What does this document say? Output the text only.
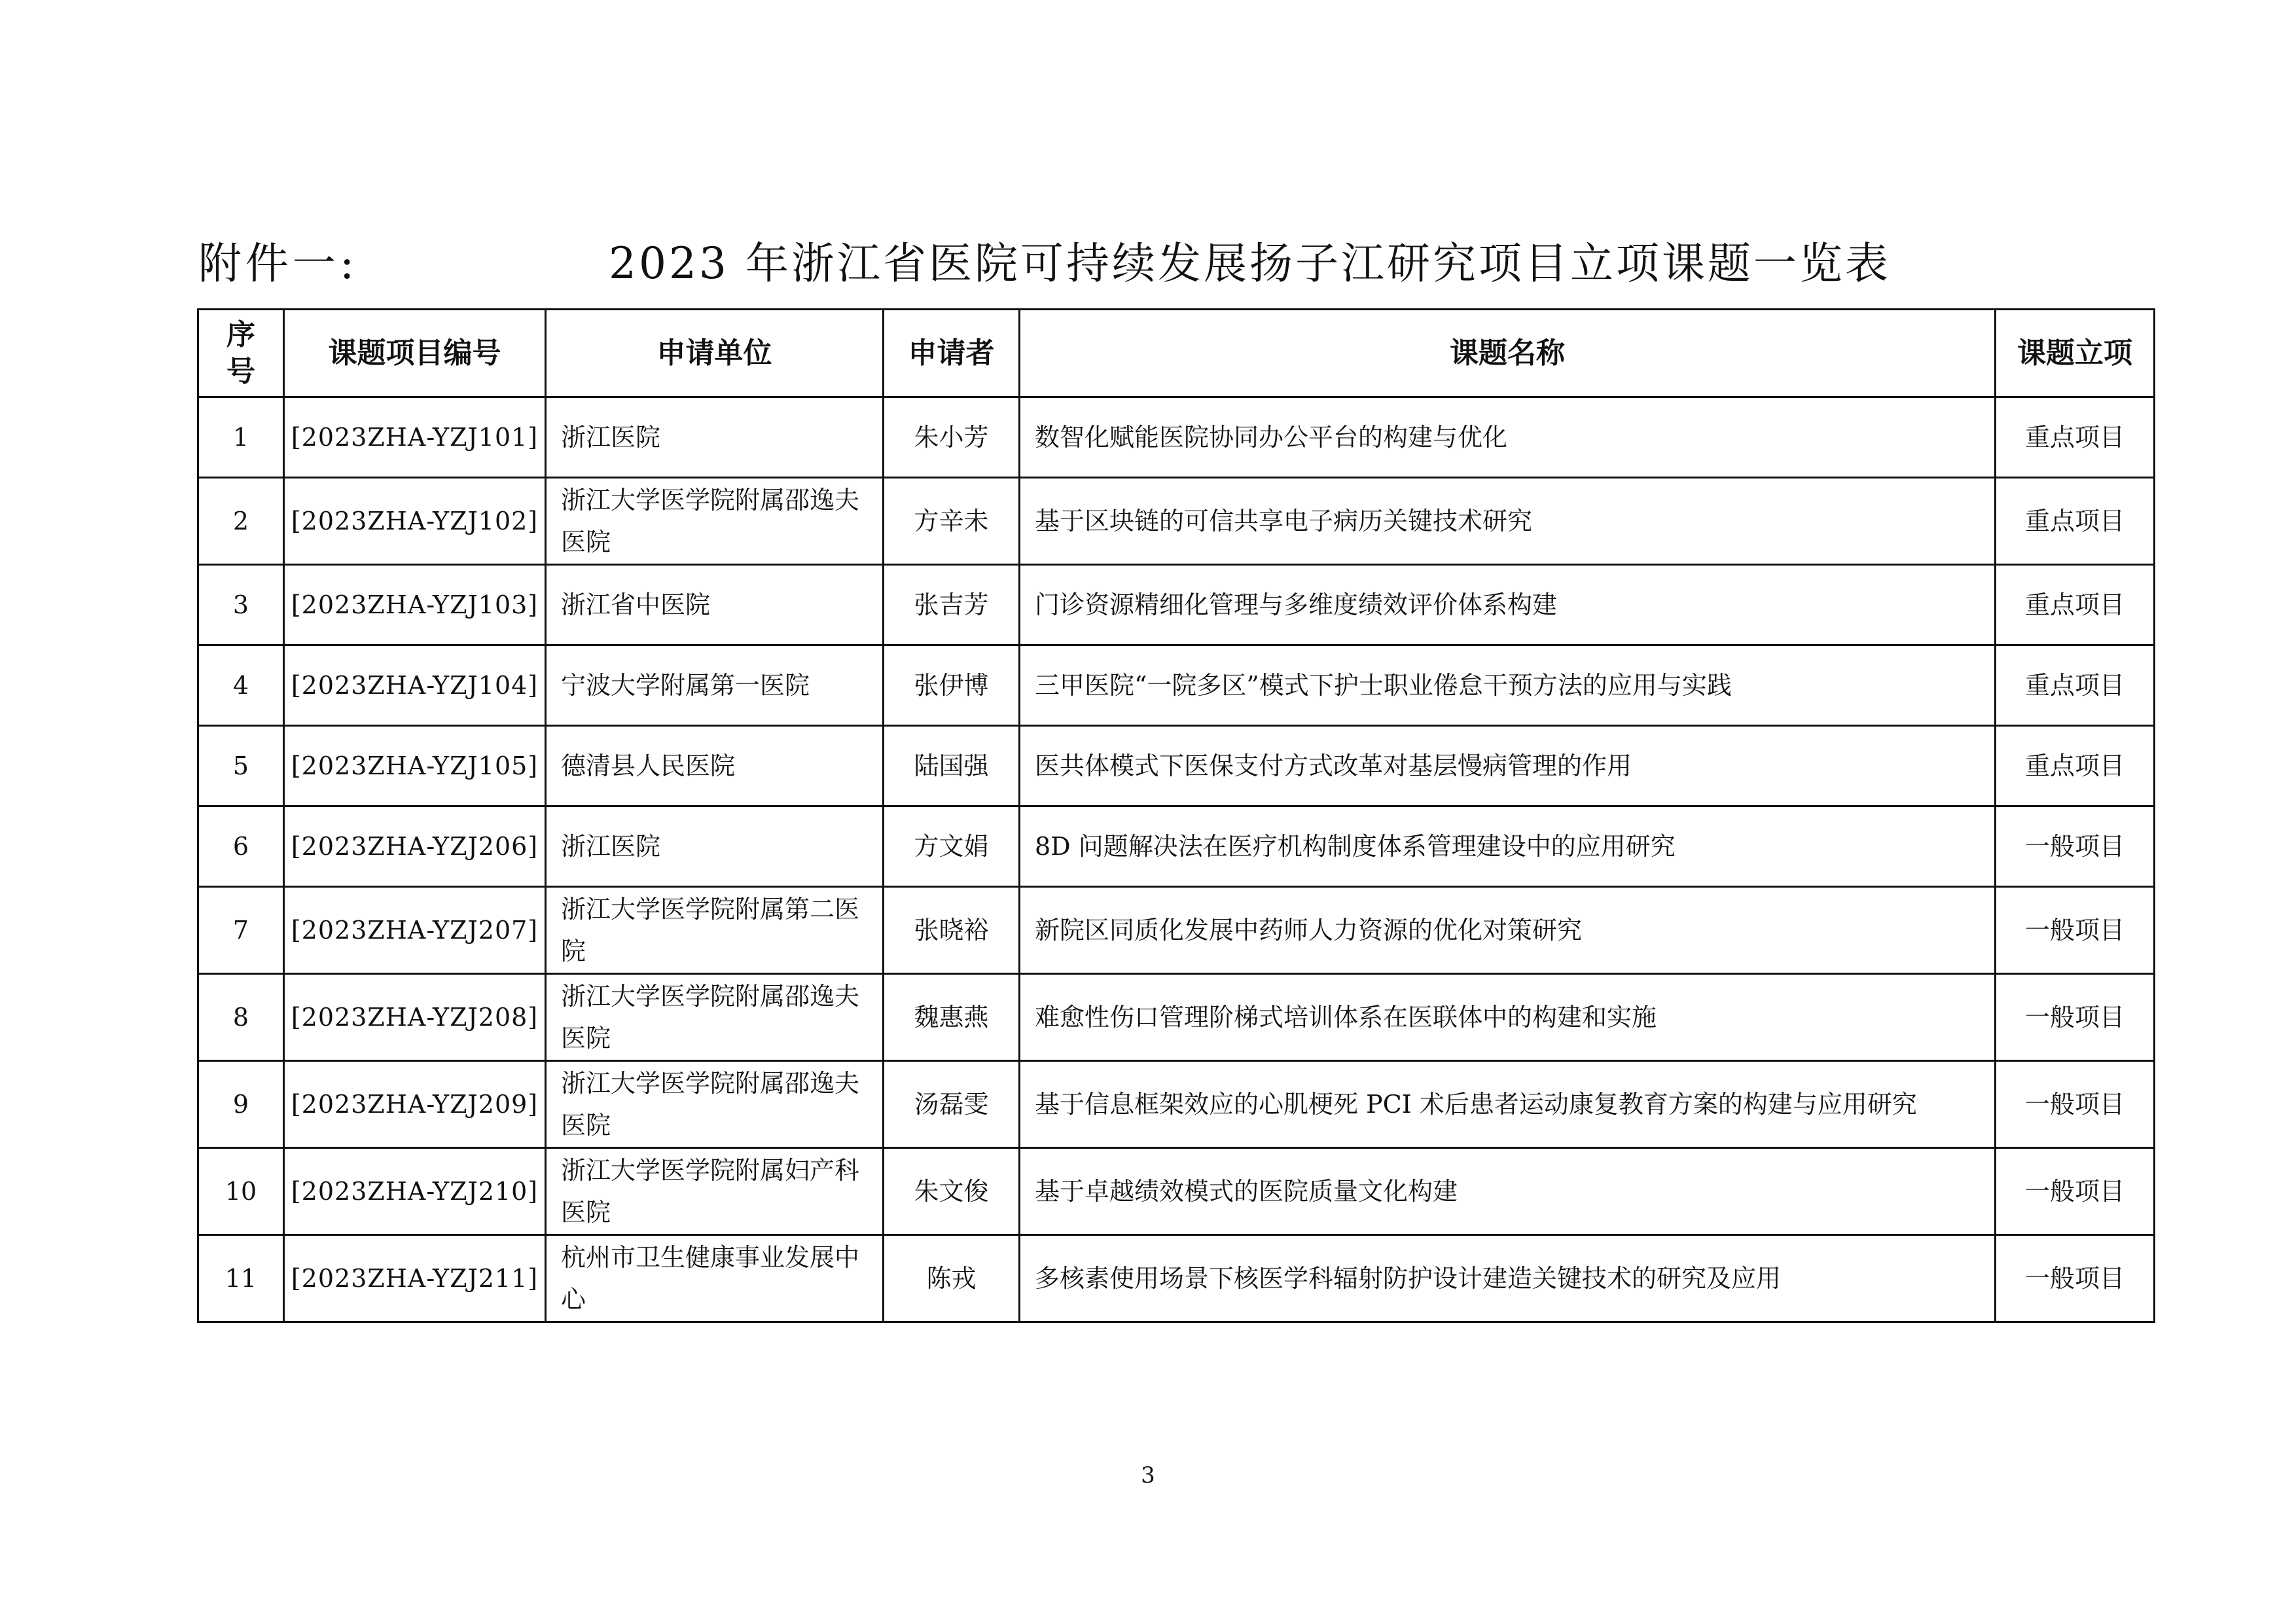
附件一:	2023 年浙江省医院可持续发展扬子江研究项目立项课题一览表
序号	课题项目编号	申请单位	申请者	课题名称	课题立项
1	[2023ZHA-YZJ101]	浙江医院	朱小芳	数智化赋能医院协同办公平台的构建与优化	重点项目
2	[2023ZHA-YZJ102]	浙江大学医学院附属邵逸夫医院	方辛未	基于区块链的可信共享电子病历关键技术研究	重点项目
3	[2023ZHA-YZJ103]	浙江省中医院	张吉芳	门诊资源精细化管理与多维度绩效评价体系构建	重点项目
4	[2023ZHA-YZJ104]	宁波大学附属第一医院	张伊博	三甲医院“一院多区”模式下护士职业倦怠干预方法的应用与实践	重点项目
5	[2023ZHA-YZJ105]	德清县人民医院	陆国强	医共体模式下医保支付方式改革对基层慢病管理的作用	重点项目
6	[2023ZHA-YZJ206]	浙江医院	方文娟	8D 问题解决法在医疗机构制度体系管理建设中的应用研究	一般项目
7	[2023ZHA-YZJ207]	浙江大学医学院附属第二医院	张晓裕	新院区同质化发展中药师人力资源的优化对策研究	一般项目
8	[2023ZHA-YZJ208]	浙江大学医学院附属邵逸夫医院	魏惠燕	难愈性伤口管理阶梯式培训体系在医联体中的构建和实施	一般项目
9	[2023ZHA-YZJ209]	浙江大学医学院附属邵逸夫医院	汤磊雯	基于信息框架效应的心肌梗死 PCI 术后患者运动康复教育方案的构建与应用研究	一般项目
10	[2023ZHA-YZJ210]	浙江大学医学院附属妇产科医院	朱文俊	基于卓越绩效模式的医院质量文化构建	一般项目
11	[2023ZHA-YZJ211]	杭州市卫生健康事业发展中心	陈戎	多核素使用场景下核医学科辐射防护设计建造关键技术的研究及应用	一般项目
3
